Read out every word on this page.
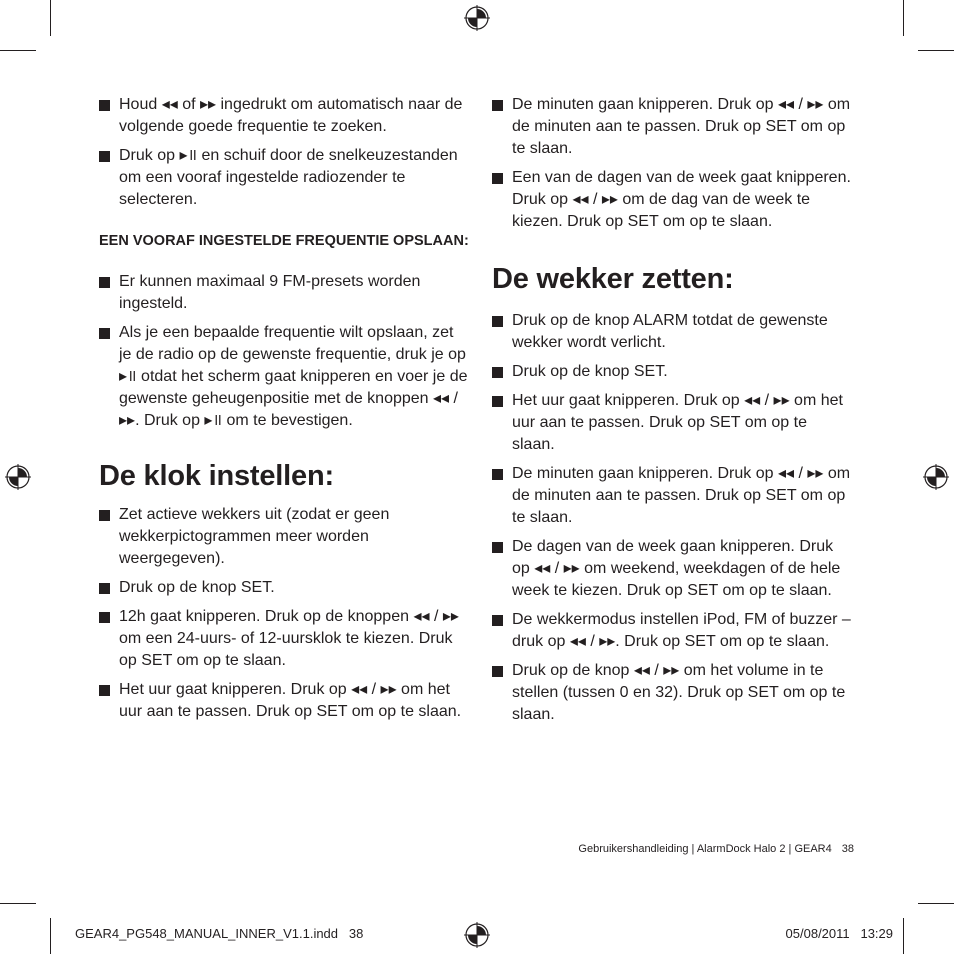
Houd ◂◂ of ▸▸ ingedrukt om automatisch naar de volgende goede frequentie te zoeken.
Druk op ▸॥ en schuif door de snelkeuzestanden om een vooraf ingestelde radiozender te selecteren.
EEN VOORAF INGESTELDE FREQUENTIE OPSLAAN:
Er kunnen maximaal 9 FM-presets worden ingesteld.
Als je een bepaalde frequentie wilt opslaan, zet je de radio op de gewenste frequentie, druk je op ▸॥ otdat het scherm gaat knipperen en voer je de gewenste geheugenpositie met de knoppen ◂◂ / ▸▸. Druk op ▸॥ om te bevestigen.
De klok instellen:
Zet actieve wekkers uit (zodat er geen wekkerpictogrammen meer worden weergegeven).
Druk op de knop SET.
12h gaat knipperen. Druk op de knoppen ◂◂ / ▸▸ om een 24-uurs- of 12-uursklok te kiezen. Druk op SET om op te slaan.
Het uur gaat knipperen. Druk op ◂◂ / ▸▸ om het uur aan te passen. Druk op SET om op te slaan.
De minuten gaan knipperen. Druk op ◂◂ / ▸▸ om de minuten aan te passen. Druk op SET om op te slaan.
Een van de dagen van de week gaat knipperen. Druk op ◂◂ / ▸▸ om de dag van de week te kiezen. Druk op SET om op te slaan.
De wekker zetten:
Druk op de knop ALARM totdat de gewenste wekker wordt verlicht.
Druk op de knop SET.
Het uur gaat knipperen. Druk op ◂◂ / ▸▸ om het uur aan te passen. Druk op SET om op te slaan.
De minuten gaan knipperen. Druk op ◂◂ / ▸▸ om de minuten aan te passen. Druk op SET om op te slaan.
De dagen van de week gaan knipperen. Druk op ◂◂ / ▸▸ om weekend, weekdagen of de hele week te kiezen. Druk op SET om op te slaan.
De wekkermodus instellen iPod, FM of buzzer – druk op ◂◂ / ▸▸. Druk op SET om op te slaan.
Druk op de knop ◂◂ / ▸▸ om het volume in te stellen (tussen 0 en 32). Druk op SET om op te slaan.
Gebruikershandleiding | AlarmDock Halo 2 | GEAR4 38
GEAR4_PG548_MANUAL_INNER_V1.1.indd   38	05/08/2011   13:29
